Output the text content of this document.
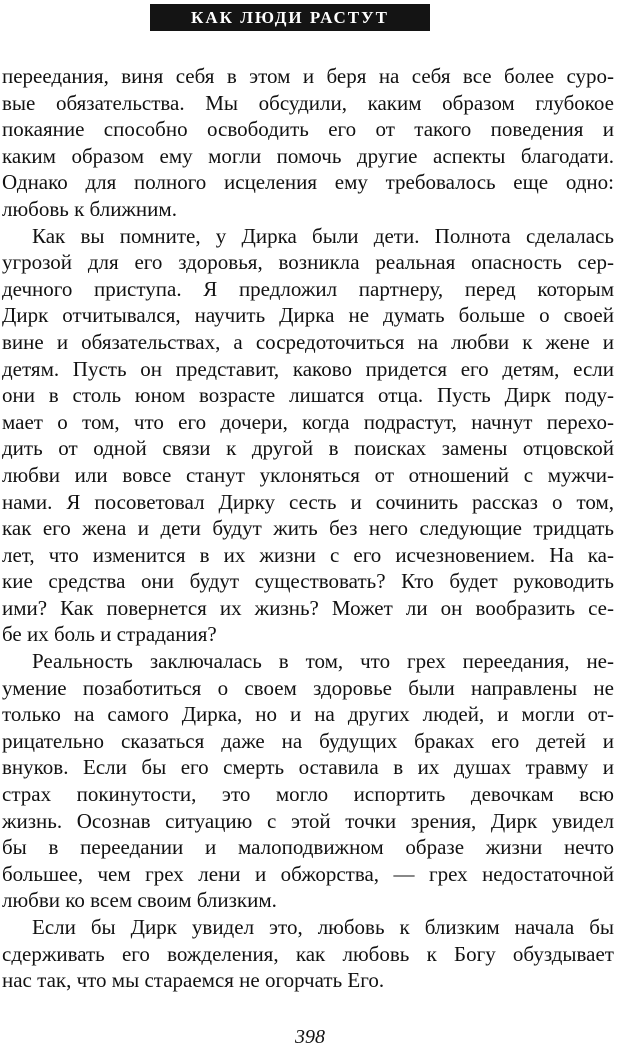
КАК ЛЮДИ РАСТУТ
переедания, виня себя в этом и беря на себя все более суро-
вые обязательства. Мы обсудили, каким образом глубокое
покаяние способно освободить его от такого поведения и
каким образом ему могли помочь другие аспекты благодати.
Однако для полного исцеления ему требовалось еще одно:
любовь к ближним.
Как вы помните, у Дирка были дети. Полнота сделалась
угрозой для его здоровья, возникла реальная опасность сер-
дечного приступа. Я предложил партнеру, перед которым
Дирк отчитывался, научить Дирка не думать больше о своей
вине и обязательствах, а сосредоточиться на любви к жене и
детям. Пусть он представит, каково придется его детям, если
они в столь юном возрасте лишатся отца. Пусть Дирк поду-
мает о том, что его дочери, когда подрастут, начнут перехо-
дить от одной связи к другой в поисках замены отцовской
любви или вовсе станут уклоняться от отношений с мужчи-
нами. Я посоветовал Дирку сесть и сочинить рассказ о том,
как его жена и дети будут жить без него следующие тридцать
лет, что изменится в их жизни с его исчезновением. На ка-
кие средства они будут существовать? Кто будет руководить
ими? Как повернется их жизнь? Может ли он вообразить се-
бе их боль и страдания?
Реальность заключалась в том, что грех переедания, не-
умение позаботиться о своем здоровье были направлены не
только на самого Дирка, но и на других людей, и могли от-
рицательно сказаться даже на будущих браках его детей и
внуков. Если бы его смерть оставила в их душах травму и
страх покинутости, это могло испортить девочкам всю
жизнь. Осознав ситуацию с этой точки зрения, Дирк увидел
бы в переедании и малоподвижном образе жизни нечто
большее, чем грех лени и обжорства, — грех недостаточной
любви ко всем своим близким.
Если бы Дирк увидел это, любовь к близким начала бы
сдерживать его вожделения, как любовь к Богу обуздывает
нас так, что мы стараемся не огорчать Его.
398
